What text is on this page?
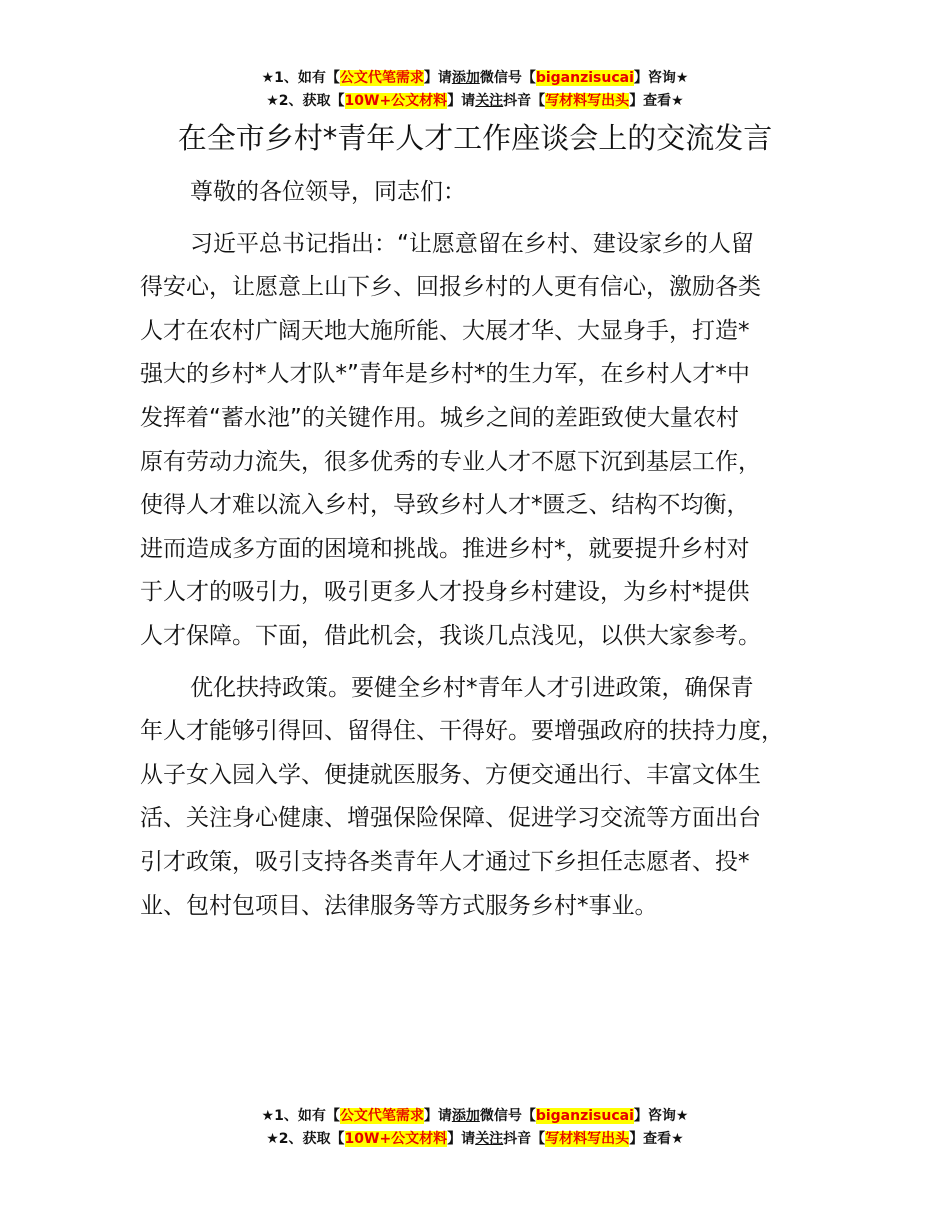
★1、如有【公文代笔需求】请添加微信号【biganzisucai】咨询★
★2、获取【10W+公文材料】请关注抖音【写材料写出头】查看★
在全市乡村*青年人才工作座谈会上的交流发言
尊敬的各位领导，同志们：
习近平总书记指出：“让愿意留在乡村、建设家乡的人留
得安心，让愿意上山下乡、回报乡村的人更有信心，激励各类
人才在农村广阔天地大施所能、大展才华、大显身手，打造*
强大的乡村*人才队*”青年是乡村*的生力军，在乡村人才*中
发挥着“蓄水池”的关键作用。城乡之间的差距致使大量农村
原有劳动力流失，很多优秀的专业人才不愿下沉到基层工作，
使得人才难以流入乡村，导致乡村人才*匮乏、结构不均衡，
进而造成多方面的困境和挑战。推进乡村*，就要提升乡村对
于人才的吸引力，吸引更多人才投身乡村建设，为乡村*提供
人才保障。下面，借此机会，我谈几点浅见，以供大家参考。
优化扶持政策。要健全乡村*青年人才引进政策，确保青
年人才能够引得回、留得住、干得好。要增强政府的扶持力度，
从子女入园入学、便捷就医服务、方便交通出行、丰富文体生
活、关注身心健康、增强保险保障、促进学习交流等方面出台
引才政策，吸引支持各类青年人才通过下乡担任志愿者、投*
业、包村包项目、法律服务等方式服务乡村*事业。
★1、如有【公文代笔需求】请添加微信号【biganzisucai】咨询★
★2、获取【10W+公文材料】请关注抖音【写材料写出头】查看★
